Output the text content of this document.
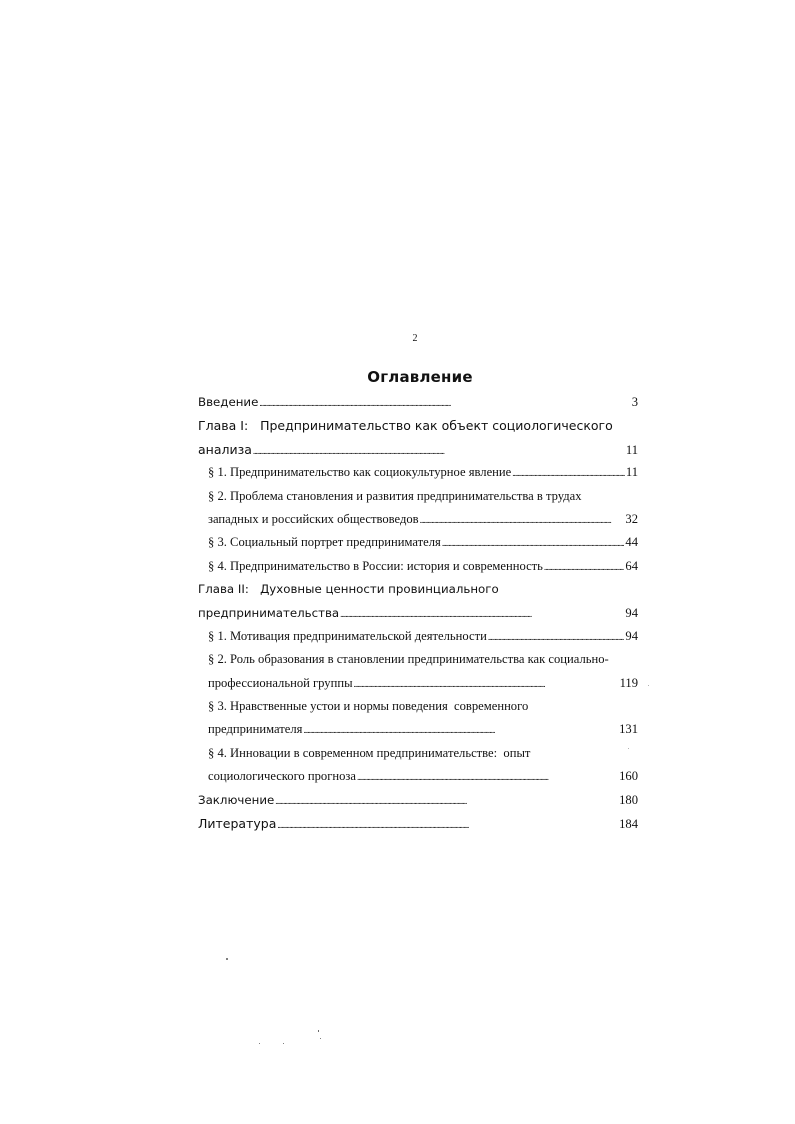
2
Оглавление
Введение . . .	3
Глава I:   Предпринимательство как объект социологического
анализа . . .	11
§ 1. Предпринимательство как социокультурное явление . . .	11
§ 2. Проблема становления и развития предпринимательства в трудах
западных и российских обществоведов . . .	32
§ 3. Социальный портрет предпринимателя . . .	44
§ 4. Предпринимательство в России: история и современность . . .	64
Глава II:   Духовные ценности провинциального
предпринимательства . . .	94
§ 1. Мотивация предпринимательской деятельности . . .	94
§ 2. Роль образования в становлении предпринимательства как социально-
профессиональной группы . . .	119
§ 3. Нравственные устои и нормы поведения  современного
предпринимателя . . .	131
§ 4. Инновации в современном предпринимательстве:  опыт
социологического прогноза . . .	160
Заключение . . .	180
Литература . . .	184
